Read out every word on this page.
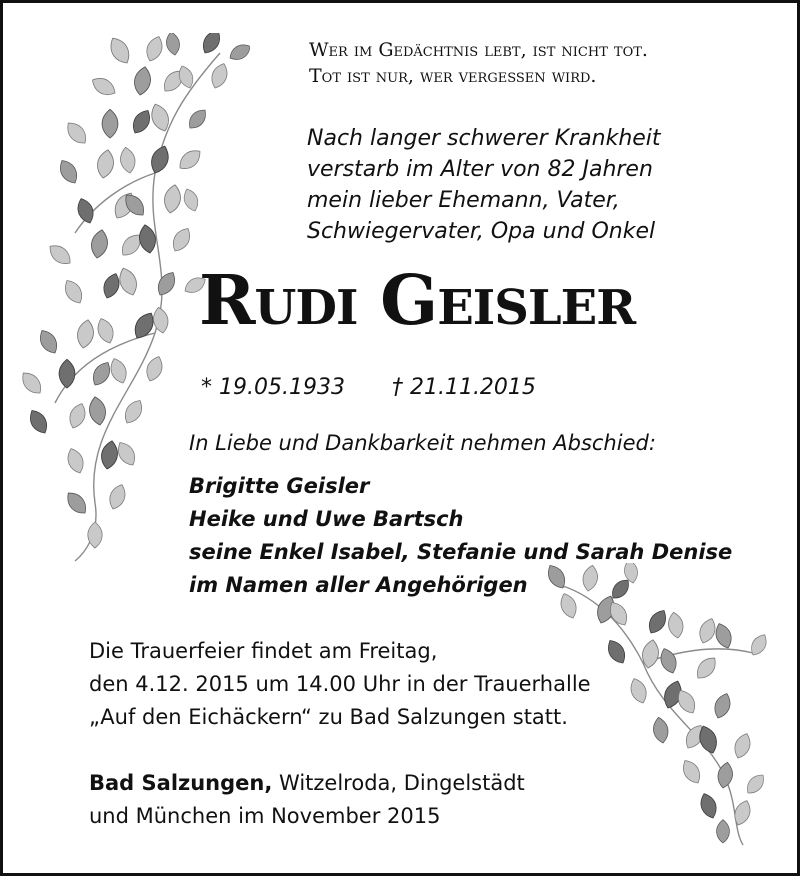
Wer im Gedächtnis lebt, ist nicht tot.
Tot ist nur, wer vergessen wird.
Nach langer schwerer Krankheit
verstarb im Alter von 82 Jahren
mein lieber Ehemann, Vater,
Schwiegervater, Opa und Onkel
Rudi Geisler
* 19.05.1933 † 21.11.2015
In Liebe und Dankbarkeit nehmen Abschied:
Brigitte Geisler
Heike und Uwe Bartsch
seine Enkel Isabel, Stefanie und Sarah Denise
im Namen aller Angehörigen
Die Trauerfeier findet am Freitag,
den 4.12. 2015 um 14.00 Uhr in der Trauerhalle
„Auf den Eichäckern“ zu Bad Salzungen statt.
Bad Salzungen, Witzelroda, Dingelstädt
und München im November 2015
